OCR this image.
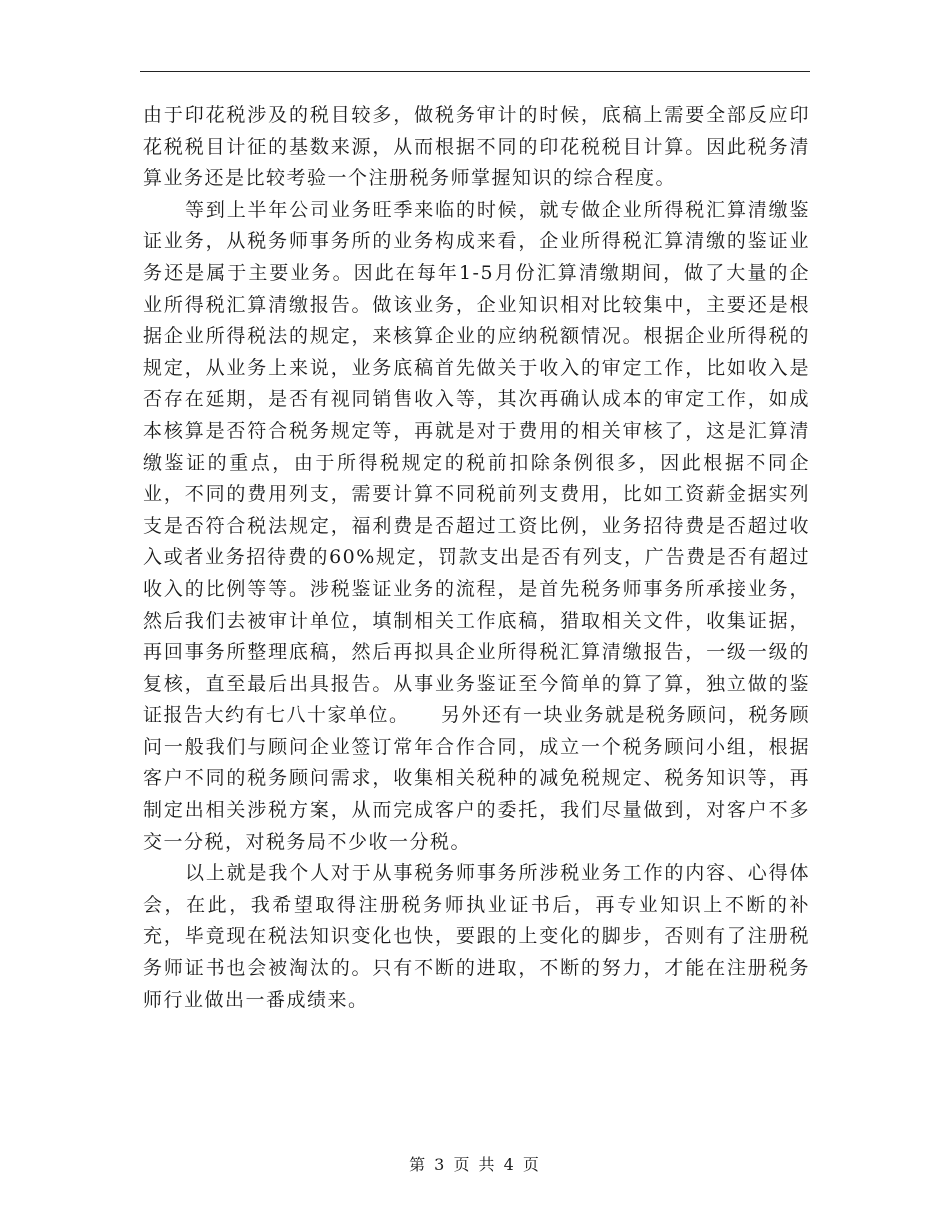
由于印花税涉及的税目较多，做税务审计的时候，底稿上需要全部反应印花税税目计征的基数来源，从而根据不同的印花税税目计算。因此税务清算业务还是比较考验一个注册税务师掌握知识的综合程度。

等到上半年公司业务旺季来临的时候，就专做企业所得税汇算清缴鉴证业务，从税务师事务所的业务构成来看，企业所得税汇算清缴的鉴证业务还是属于主要业务。因此在每年1-5月份汇算清缴期间，做了大量的企业所得税汇算清缴报告。做该业务，企业知识相对比较集中，主要还是根据企业所得税法的规定，来核算企业的应纳税额情况。根据企业所得税的规定，从业务上来说，业务底稿首先做关于收入的审定工作，比如收入是否存在延期，是否有视同销售收入等，其次再确认成本的审定工作，如成本核算是否符合税务规定等，再就是对于费用的相关审核了，这是汇算清缴鉴证的重点，由于所得税规定的税前扣除条例很多，因此根据不同企业，不同的费用列支，需要计算不同税前列支费用，比如工资薪金据实列支是否符合税法规定，福利费是否超过工资比例，业务招待费是否超过收入或者业务招待费的60%规定，罚款支出是否有列支，广告费是否有超过收入的比例等等。涉税鉴证业务的流程，是首先税务师事务所承接业务，然后我们去被审计单位，填制相关工作底稿，猎取相关文件，收集证据，再回事务所整理底稿，然后再拟具企业所得税汇算清缴报告，一级一级的复核，直至最后出具报告。从事业务鉴证至今简单的算了算，独立做的鉴证报告大约有七八十家单位。　　另外还有一块业务就是税务顾问，税务顾问一般我们与顾问企业签订常年合作合同，成立一个税务顾问小组，根据客户不同的税务顾问需求，收集相关税种的减免税规定、税务知识等，再制定出相关涉税方案，从而完成客户的委托，我们尽量做到，对客户不多交一分税，对税务局不少收一分税。

以上就是我个人对于从事税务师事务所涉税业务工作的内容、心得体会，在此，我希望取得注册税务师执业证书后，再专业知识上不断的补充，毕竟现在税法知识变化也快，要跟的上变化的脚步，否则有了注册税务师证书也会被淘汰的。只有不断的进取，不断的努力，才能在注册税务师行业做出一番成绩来。

第 3 页 共 4 页
